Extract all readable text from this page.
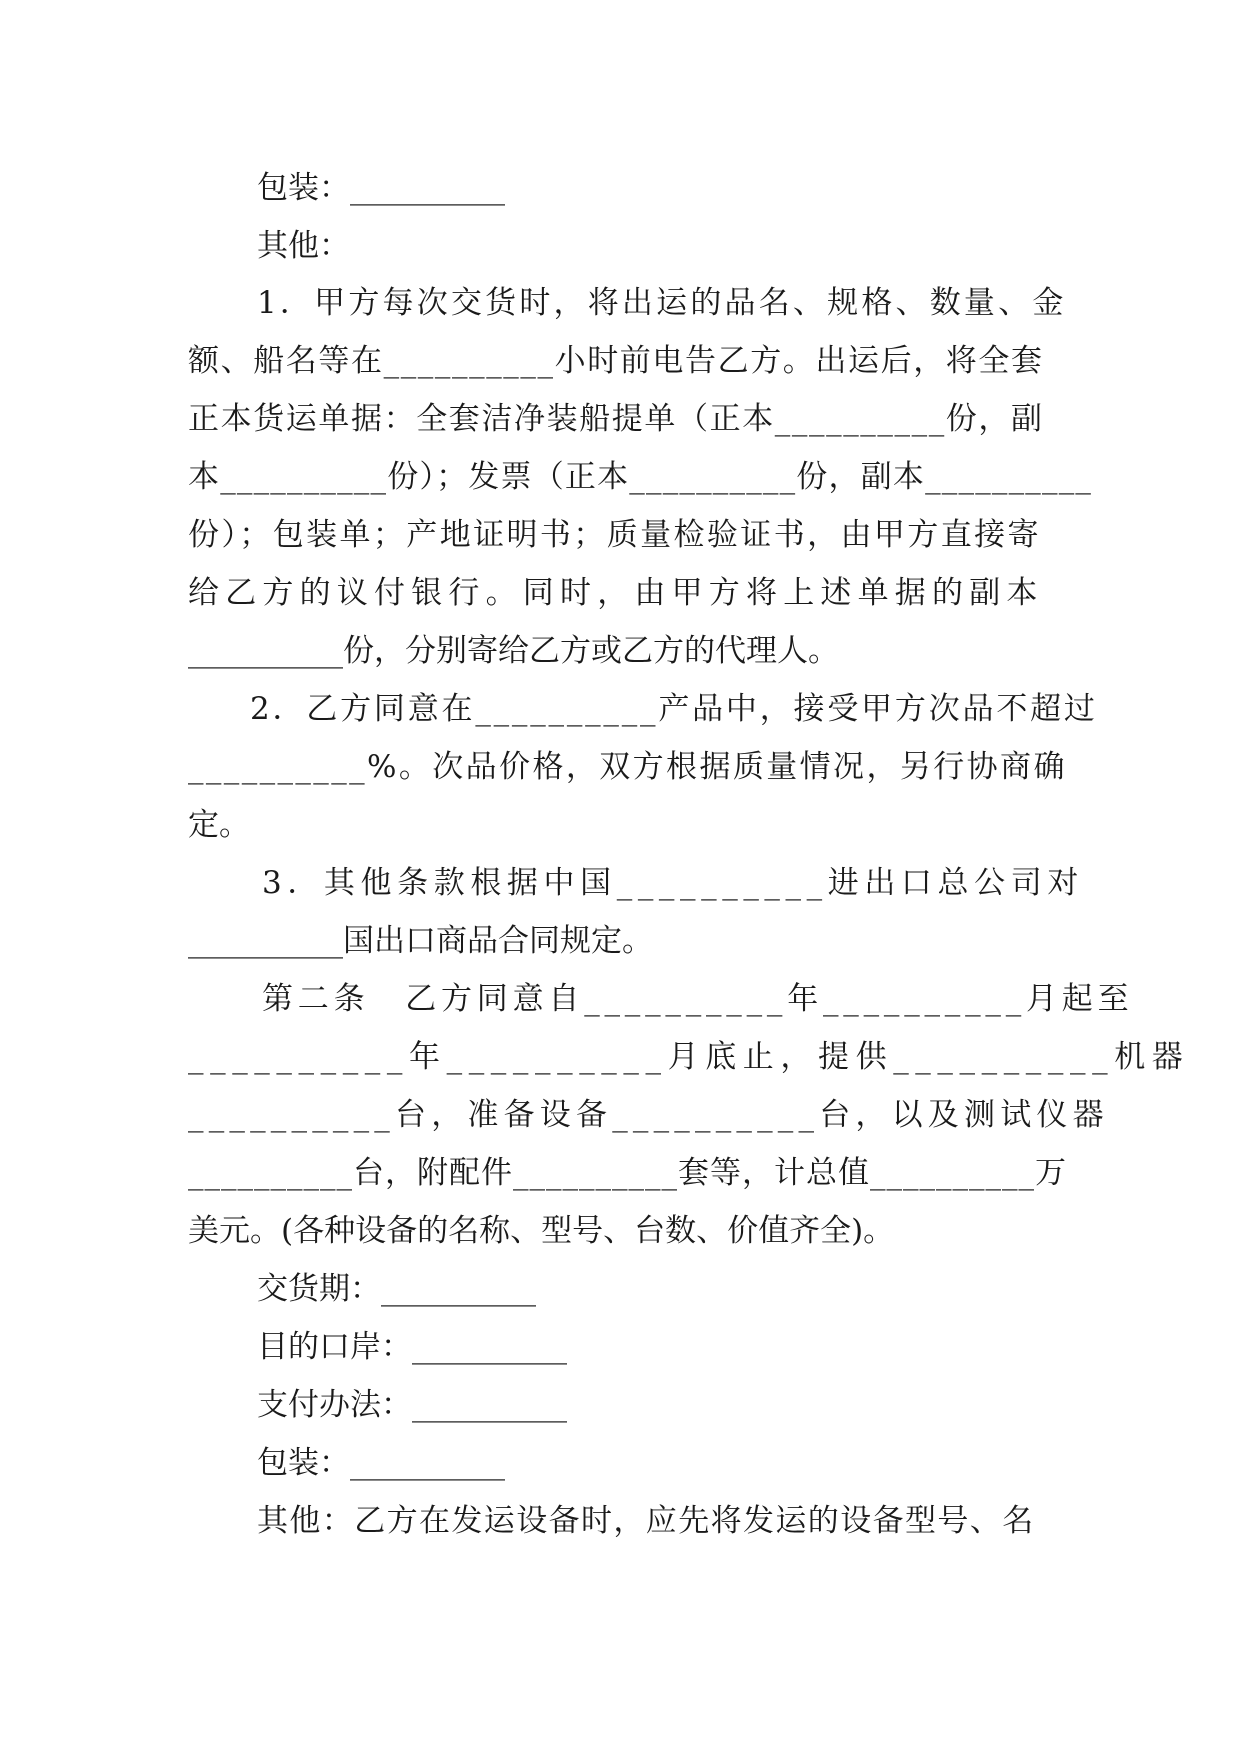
包装：__________
其他：
1．甲方每次交货时，将出运的品名、规格、数量、金
额、船名等在__________小时前电告乙方。出运后，将全套
正本货运单据：全套洁净装船提单（正本__________份，副
本__________份）；发票（正本__________份，副本__________
份）；包装单；产地证明书；质量检验证书，由甲方直接寄
给乙方的议付银行。同时，由甲方将上述单据的副本
__________份，分别寄给乙方或乙方的代理人。
2．乙方同意在__________产品中，接受甲方次品不超过
__________%。次品价格，双方根据质量情况，另行协商确
定。
3．其他条款根据中国__________进出口总公司对
__________国出口商品合同规定。
第二条　乙方同意自__________年__________月起至
__________年__________月底止，提供__________机器
__________台，准备设备__________台，以及测试仪器
__________台，附配件__________套等，计总值__________万
美元。(各种设备的名称、型号、台数、价值齐全)。
交货期：__________
目的口岸：__________
支付办法：__________
包装：__________
其他：乙方在发运设备时，应先将发运的设备型号、名
